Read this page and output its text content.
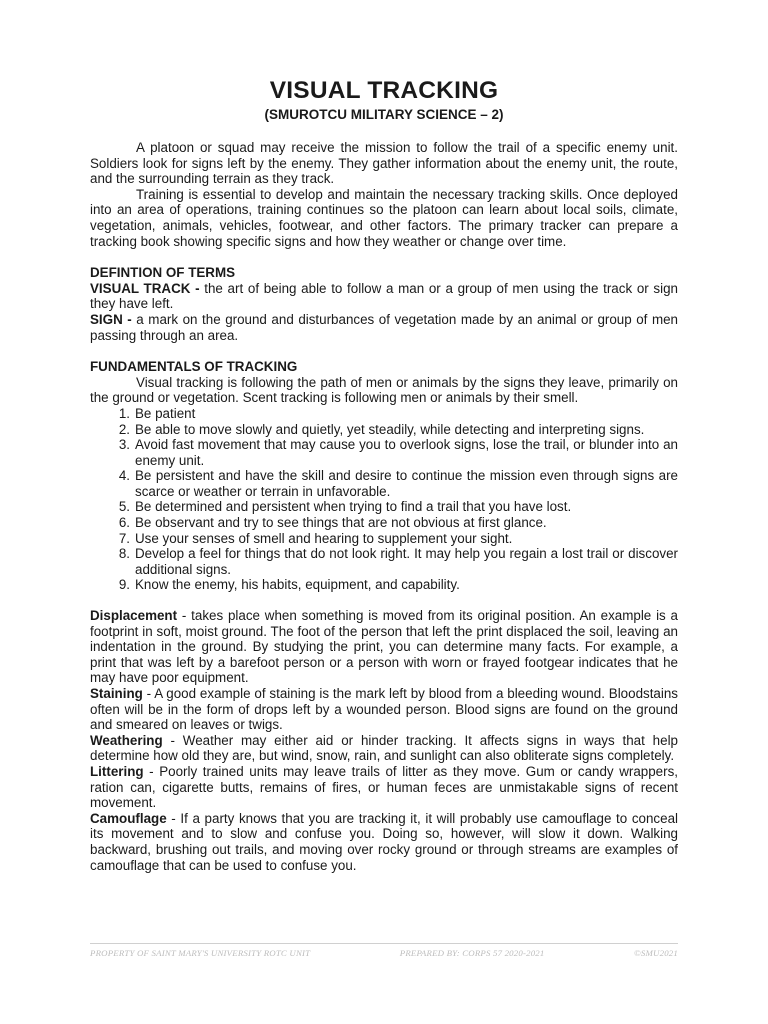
VISUAL TRACKING

(SMUROTCU MILITARY SCIENCE – 2)

A platoon or squad may receive the mission to follow the trail of a specific enemy unit. Soldiers look for signs left by the enemy. They gather information about the enemy unit, the route, and the surrounding terrain as they track.

Training is essential to develop and maintain the necessary tracking skills. Once deployed into an area of operations, training continues so the platoon can learn about local soils, climate, vegetation, animals, vehicles, footwear, and other factors. The primary tracker can prepare a tracking book showing specific signs and how they weather or change over time.

DEFINTION OF TERMS

VISUAL TRACK - the art of being able to follow a man or a group of men using the track or sign they have left.

SIGN - a mark on the ground and disturbances of vegetation made by an animal or group of men passing through an area.

FUNDAMENTALS OF TRACKING

Visual tracking is following the path of men or animals by the signs they leave, primarily on the ground or vegetation. Scent tracking is following men or animals by their smell.

1. Be patient
2. Be able to move slowly and quietly, yet steadily, while detecting and interpreting signs.
3. Avoid fast movement that may cause you to overlook signs, lose the trail, or blunder into an enemy unit.
4. Be persistent and have the skill and desire to continue the mission even through signs are scarce or weather or terrain in unfavorable.
5. Be determined and persistent when trying to find a trail that you have lost.
6. Be observant and try to see things that are not obvious at first glance.
7. Use your senses of smell and hearing to supplement your sight.
8. Develop a feel for things that do not look right. It may help you regain a lost trail or discover additional signs.
9. Know the enemy, his habits, equipment, and capability.

Displacement - takes place when something is moved from its original position. An example is a footprint in soft, moist ground. The foot of the person that left the print displaced the soil, leaving an indentation in the ground. By studying the print, you can determine many facts. For example, a print that was left by a barefoot person or a person with worn or frayed footgear indicates that he may have poor equipment.

Staining - A good example of staining is the mark left by blood from a bleeding wound. Bloodstains often will be in the form of drops left by a wounded person. Blood signs are found on the ground and smeared on leaves or twigs.

Weathering - Weather may either aid or hinder tracking. It affects signs in ways that help determine how old they are, but wind, snow, rain, and sunlight can also obliterate signs completely.

Littering - Poorly trained units may leave trails of litter as they move. Gum or candy wrappers, ration can, cigarette butts, remains of fires, or human feces are unmistakable signs of recent movement.

Camouflage - If a party knows that you are tracking it, it will probably use camouflage to conceal its movement and to slow and confuse you. Doing so, however, will slow it down. Walking backward, brushing out trails, and moving over rocky ground or through streams are examples of camouflage that can be used to confuse you.

PROPERTY OF SAINT MARY'S UNIVERSITY ROTC UNIT	PREPARED BY: CORPS 57 2020-2021	©SMU2021
